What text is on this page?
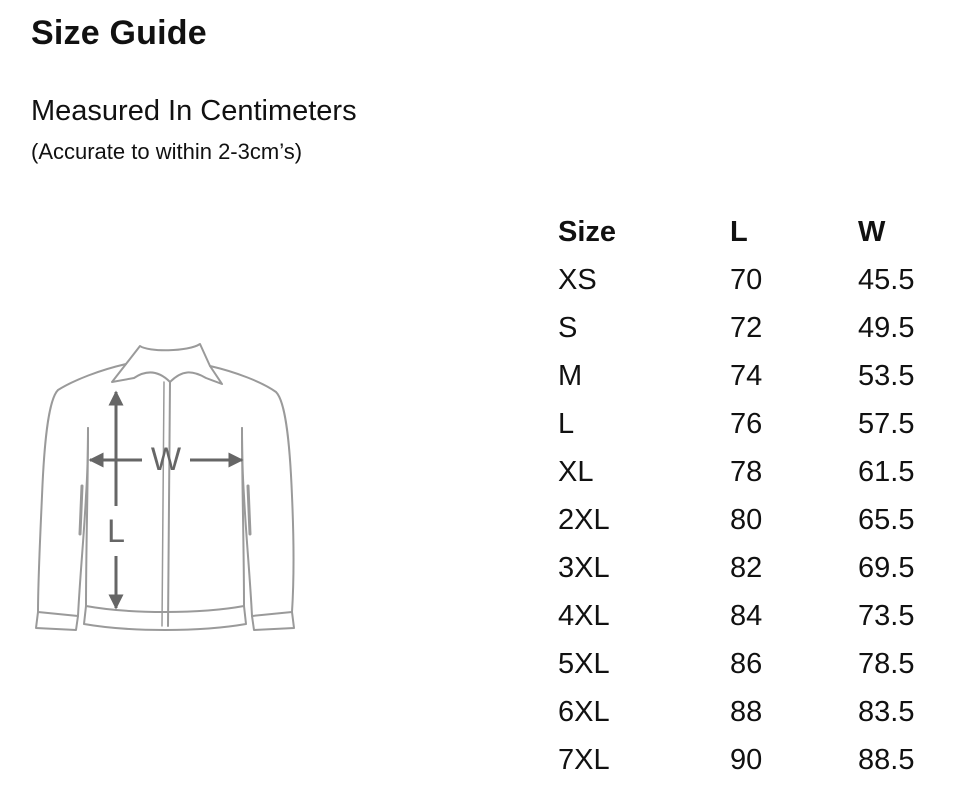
Size Guide
Measured In Centimeters
(Accurate to within 2-3cm’s)
W
L
Size	L	W
XS	70	45.5
S	72	49.5
M	74	53.5
L	76	57.5
XL	78	61.5
2XL	80	65.5
3XL	82	69.5
4XL	84	73.5
5XL	86	78.5
6XL	88	83.5
7XL	90	88.5
